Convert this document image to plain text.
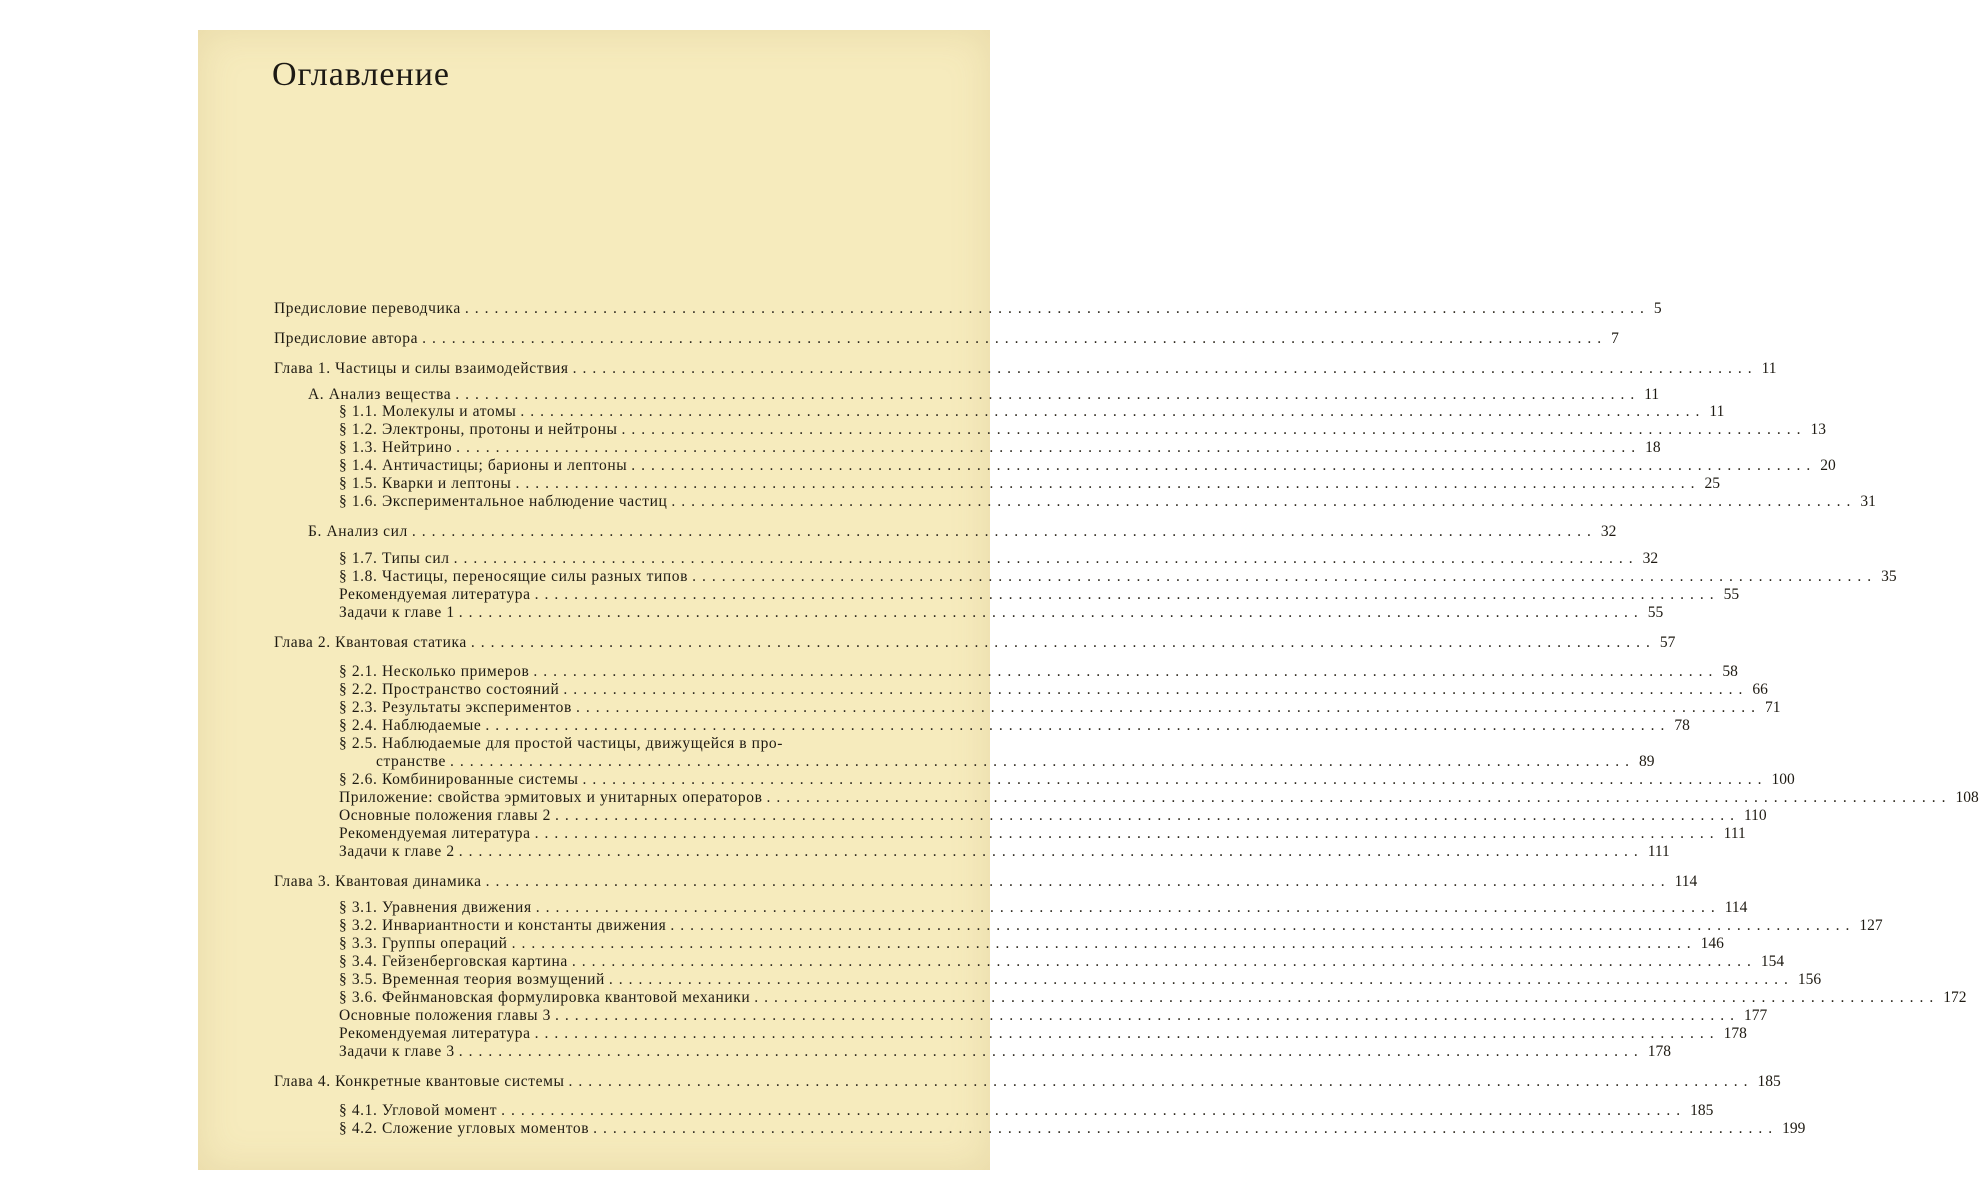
Оглавление
Предисловие переводчика ........................................................................................................................ 5
Предисловие автора ........................................................................................................................ 7
Глава 1. Частицы и силы взаимодействия ........................................................................................................................ 11
А. Анализ вещества ........................................................................................................................ 11
§ 1.1. Молекулы и атомы ........................................................................................................................ 11
§ 1.2. Электроны, протоны и нейтроны ........................................................................................................................ 13
§ 1.3. Нейтрино ........................................................................................................................ 18
§ 1.4. Античастицы; барионы и лептоны ........................................................................................................................ 20
§ 1.5. Кварки и лептоны ........................................................................................................................ 25
§ 1.6. Экспериментальное наблюдение частиц ........................................................................................................................ 31
Б. Анализ сил ........................................................................................................................ 32
§ 1.7. Типы сил ........................................................................................................................ 32
§ 1.8. Частицы, переносящие силы разных типов ........................................................................................................................ 35
Рекомендуемая литература ........................................................................................................................ 55
Задачи к главе 1 ........................................................................................................................ 55
Глава 2. Квантовая статика ........................................................................................................................ 57
§ 2.1. Несколько примеров ........................................................................................................................ 58
§ 2.2. Пространство состояний ........................................................................................................................ 66
§ 2.3. Результаты экспериментов ........................................................................................................................ 71
§ 2.4. Наблюдаемые ........................................................................................................................ 78
§ 2.5. Наблюдаемые для простой частицы, движущейся в про-
странстве ........................................................................................................................ 89
§ 2.6. Комбинированные системы ........................................................................................................................ 100
Приложение: свойства эрмитовых и унитарных операторов ........................................................................................................................ 108
Основные положения главы 2 ........................................................................................................................ 110
Рекомендуемая литература ........................................................................................................................ 111
Задачи к главе 2 ........................................................................................................................ 111
Глава 3. Квантовая динамика ........................................................................................................................ 114
§ 3.1. Уравнения движения ........................................................................................................................ 114
§ 3.2. Инвариантности и константы движения ........................................................................................................................ 127
§ 3.3. Группы операций ........................................................................................................................ 146
§ 3.4. Гейзенберговская картина ........................................................................................................................ 154
§ 3.5. Временная теория возмущений ........................................................................................................................ 156
§ 3.6. Фейнмановская формулировка квантовой механики ........................................................................................................................ 172
Основные положения главы 3 ........................................................................................................................ 177
Рекомендуемая литература ........................................................................................................................ 178
Задачи к главе 3 ........................................................................................................................ 178
Глава 4. Конкретные квантовые системы ........................................................................................................................ 185
§ 4.1. Угловой момент ........................................................................................................................ 185
§ 4.2. Сложение угловых моментов ........................................................................................................................ 199
